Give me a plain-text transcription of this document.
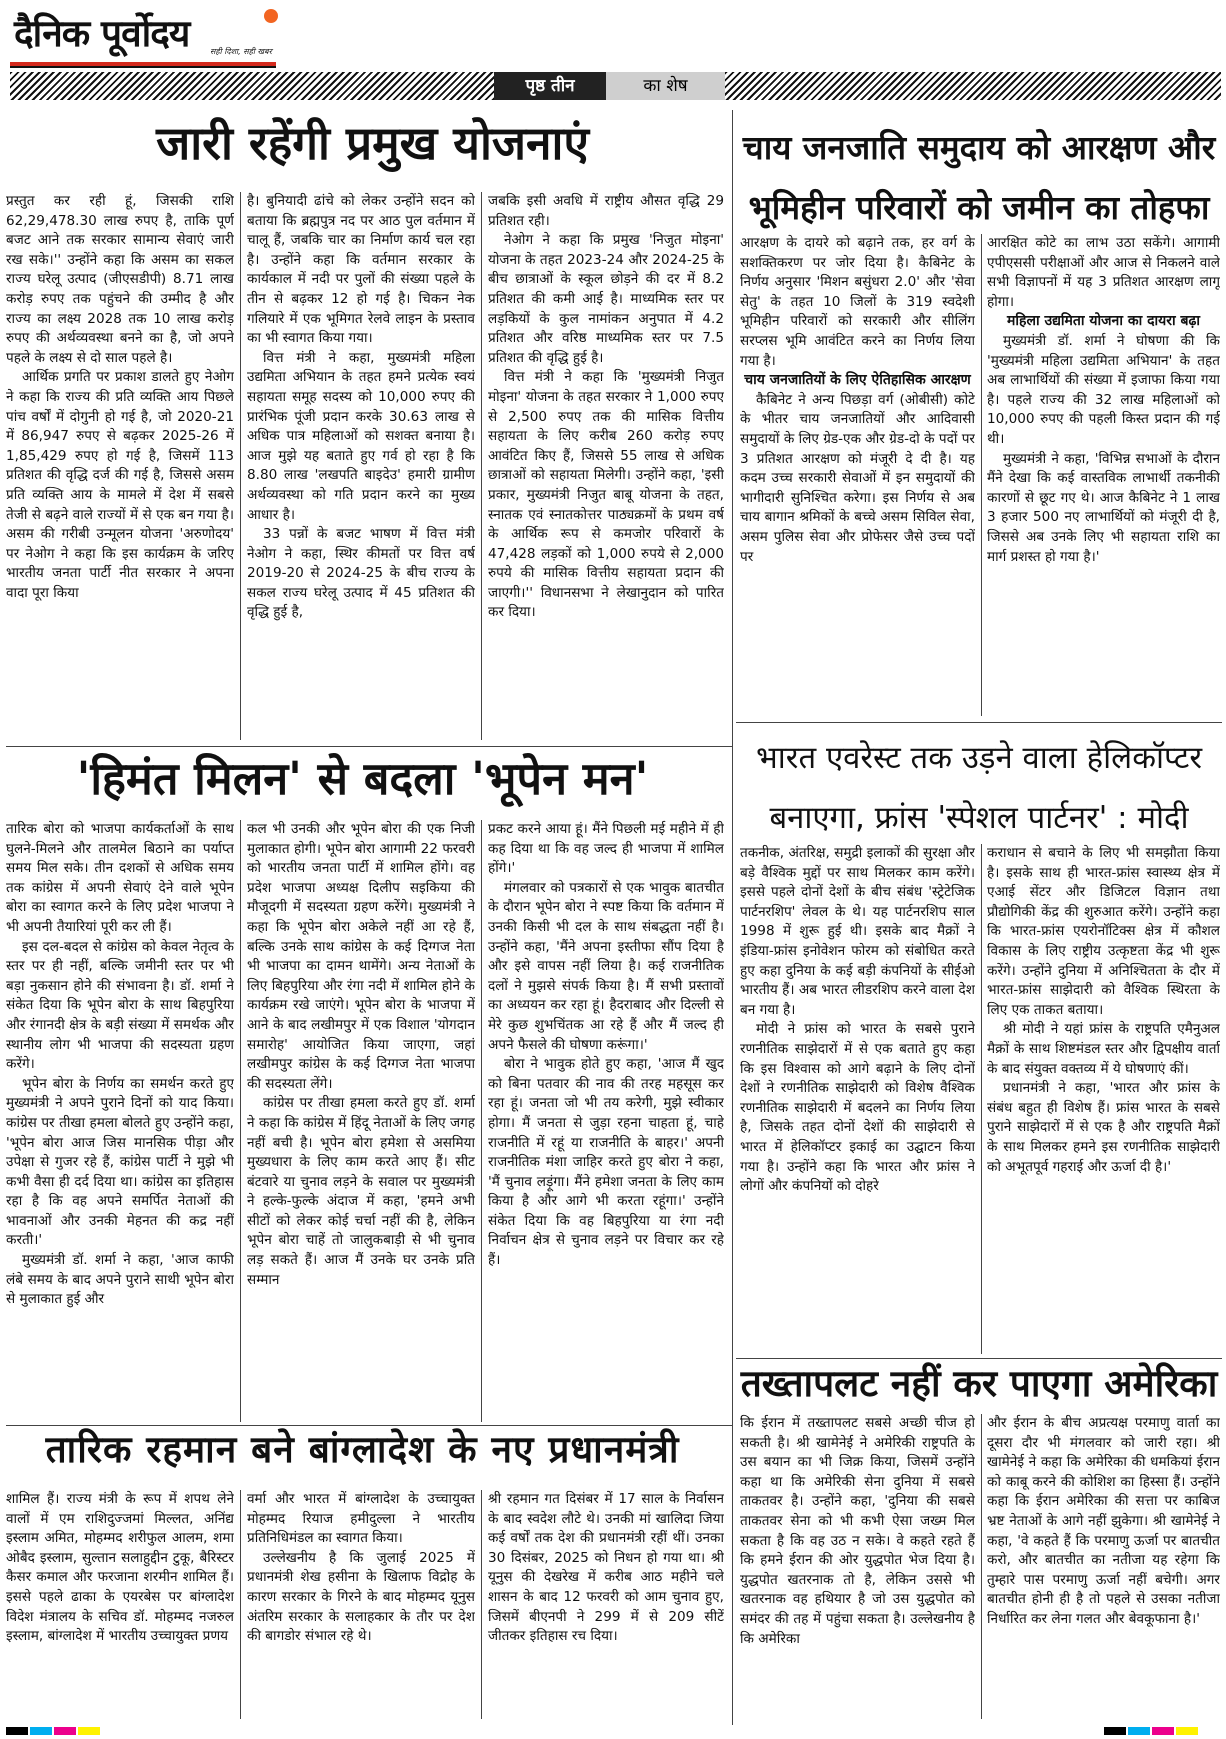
दैनिक पूर्वोदय	सही दिशा, सही खबर
पृष्ठ तीन	का शेष
जारी रहेंगी प्रमुख योजनाएं

प्रस्तुत कर रही हूं, जिसकी राशि 62,29,478.30 लाख रुपए है, ताकि पूर्ण बजट आने तक सरकार सामान्य सेवाएं जारी रख सके।'' उन्होंने कहा कि असम का सकल राज्य घरेलू उत्पाद (जीएसडीपी) 8.71 लाख करोड़ रुपए तक पहुंचने की उम्मीद है और राज्य का लक्ष्य 2028 तक 10 लाख करोड़ रुपए की अर्थव्यवस्था बनने का है, जो अपने पहले के लक्ष्य से दो साल पहले है।

आर्थिक प्रगति पर प्रकाश डालते हुए नेओग ने कहा कि राज्य की प्रति व्यक्ति आय पिछले पांच वर्षों में दोगुनी हो गई है, जो 2020-21 में 86,947 रुपए से बढ़कर 2025-26 में 1,85,429 रुपए हो गई है, जिसमें 113 प्रतिशत की वृद्धि दर्ज की गई है, जिससे असम प्रति व्यक्ति आय के मामले में देश में सबसे तेजी से बढ़ने वाले राज्यों में से एक बन गया है। असम की गरीबी उन्मूलन योजना 'अरुणोदय' पर नेओग ने कहा कि इस कार्यक्रम के जरिए भारतीय जनता पार्टी नीत सरकार ने अपना वादा पूरा किया

है। बुनियादी ढांचे को लेकर उन्होंने सदन को बताया कि ब्रह्मपुत्र नद पर आठ पुल वर्तमान में चालू हैं, जबकि चार का निर्माण कार्य चल रहा है। उन्होंने कहा कि वर्तमान सरकार के कार्यकाल में नदी पर पुलों की संख्या पहले के तीन से बढ़कर 12 हो गई है। चिकन नेक गलियारे में एक भूमिगत रेलवे लाइन के प्रस्ताव का भी स्वागत किया गया।

वित्त मंत्री ने कहा, मुख्यमंत्री महिला उद्यमिता अभियान के तहत हमने प्रत्येक स्वयं सहायता समूह सदस्य को 10,000 रुपए की प्रारंभिक पूंजी प्रदान करके 30.63 लाख से अधिक पात्र महिलाओं को सशक्त बनाया है। आज मुझे यह बताते हुए गर्व हो रहा है कि 8.80 लाख 'लखपति बाइदेउ' हमारी ग्रामीण अर्थव्यवस्था को गति प्रदान करने का मुख्य आधार है।

33 पन्नों के बजट भाषण में वित्त मंत्री नेओग ने कहा, स्थिर कीमतों पर वित्त वर्ष 2019-20 से 2024-25 के बीच राज्य के सकल राज्य घरेलू उत्पाद में 45 प्रतिशत की वृद्धि हुई है,

जबकि इसी अवधि में राष्ट्रीय औसत वृद्धि 29 प्रतिशत रही।

नेओग ने कहा कि प्रमुख 'निजुत मोइना' योजना के तहत 2023-24 और 2024-25 के बीच छात्राओं के स्कूल छोड़ने की दर में 8.2 प्रतिशत की कमी आई है। माध्यमिक स्तर पर लड़कियों के कुल नामांकन अनुपात में 4.2 प्रतिशत और वरिष्ठ माध्यमिक स्तर पर 7.5 प्रतिशत की वृद्धि हुई है।

वित्त मंत्री ने कहा कि 'मुख्यमंत्री निजुत मोइना' योजना के तहत सरकार ने 1,000 रुपए से 2,500 रुपए तक की मासिक वित्तीय सहायता के लिए करीब 260 करोड़ रुपए आवंटित किए हैं, जिससे 55 लाख से अधिक छात्राओं को सहायता मिलेगी। उन्होंने कहा, 'इसी प्रकार, मुख्यमंत्री निजुत बाबू योजना के तहत, स्नातक एवं स्नातकोत्तर पाठ्यक्रमों के प्रथम वर्ष के आर्थिक रूप से कमजोर परिवारों के 47,428 लड़कों को 1,000 रुपये से 2,000 रुपये की मासिक वित्तीय सहायता प्रदान की जाएगी।'' विधानसभा ने लेखानुदान को पारित कर दिया।

चाय जनजाति समुदाय को आरक्षण और भूमिहीन परिवारों को जमीन का तोहफा

आरक्षण के दायरे को बढ़ाने तक, हर वर्ग के सशक्तिकरण पर जोर दिया है। कैबिनेट के निर्णय अनुसार 'मिशन बसुंधरा 2.0' और 'सेवा सेतु' के तहत 10 जिलों के 319 स्वदेशी भूमिहीन परिवारों को सरकारी और सीलिंग सरप्लस भूमि आवंटित करने का निर्णय लिया गया है।

चाय जनजातियों के लिए ऐतिहासिक आरक्षण

कैबिनेट ने अन्य पिछड़ा वर्ग (ओबीसी) कोटे के भीतर चाय जनजातियों और आदिवासी समुदायों के लिए ग्रेड-एक और ग्रेड-दो के पदों पर 3 प्रतिशत आरक्षण को मंजूरी दे दी है। यह कदम उच्च सरकारी सेवाओं में इन समुदायों की भागीदारी सुनिश्चित करेगा। इस निर्णय से अब चाय बागान श्रमिकों के बच्चे असम सिविल सेवा, असम पुलिस सेवा और प्रोफेसर जैसे उच्च पदों पर

आरक्षित कोटे का लाभ उठा सकेंगे। आगामी एपीएससी परीक्षाओं और आज से निकलने वाले सभी विज्ञापनों में यह 3 प्रतिशत आरक्षण लागू होगा।

महिला उद्यमिता योजना का दायरा बढ़ा

मुख्यमंत्री डॉ. शर्मा ने घोषणा की कि 'मुख्यमंत्री महिला उद्यमिता अभियान' के तहत अब लाभार्थियों की संख्या में इजाफा किया गया है। पहले राज्य की 32 लाख महिलाओं को 10,000 रुपए की पहली किस्त प्रदान की गई थी।

मुख्यमंत्री ने कहा, 'विभिन्न सभाओं के दौरान मैंने देखा कि कई वास्तविक लाभार्थी तकनीकी कारणों से छूट गए थे। आज कैबिनेट ने 1 लाख 3 हजार 500 नए लाभार्थियों को मंजूरी दी है, जिससे अब उनके लिए भी सहायता राशि का मार्ग प्रशस्त हो गया है।'

'हिमंत मिलन' से बदला 'भूपेन मन'

तारिक बोरा को भाजपा कार्यकर्ताओं के साथ घुलने-मिलने और तालमेल बिठाने का पर्याप्त समय मिल सके। तीन दशकों से अधिक समय तक कांग्रेस में अपनी सेवाएं देने वाले भूपेन बोरा का स्वागत करने के लिए प्रदेश भाजपा ने भी अपनी तैयारियां पूरी कर ली हैं।

इस दल-बदल से कांग्रेस को केवल नेतृत्व के स्तर पर ही नहीं, बल्कि जमीनी स्तर पर भी बड़ा नुकसान होने की संभावना है। डॉ. शर्मा ने संकेत दिया कि भूपेन बोरा के साथ बिहपुरिया और रंगानदी क्षेत्र के बड़ी संख्या में समर्थक और स्थानीय लोग भी भाजपा की सदस्यता ग्रहण करेंगे।

भूपेन बोरा के निर्णय का समर्थन करते हुए मुख्यमंत्री ने अपने पुराने दिनों को याद किया। कांग्रेस पर तीखा हमला बोलते हुए उन्होंने कहा, 'भूपेन बोरा आज जिस मानसिक पीड़ा और उपेक्षा से गुजर रहे हैं, कांग्रेस पार्टी ने मुझे भी कभी वैसा ही दर्द दिया था। कांग्रेस का इतिहास रहा है कि वह अपने समर्पित नेताओं की भावनाओं और उनकी मेहनत की कद्र नहीं करती।'

मुख्यमंत्री डॉ. शर्मा ने कहा, 'आज काफी लंबे समय के बाद अपने पुराने साथी भूपेन बोरा से मुलाकात हुई और

कल भी उनकी और भूपेन बोरा की एक निजी मुलाकात होगी। भूपेन बोरा आगामी 22 फरवरी को भारतीय जनता पार्टी में शामिल होंगे। वह प्रदेश भाजपा अध्यक्ष दिलीप सइकिया की मौजूदगी में सदस्यता ग्रहण करेंगे। मुख्यमंत्री ने कहा कि भूपेन बोरा अकेले नहीं आ रहे हैं, बल्कि उनके साथ कांग्रेस के कई दिग्गज नेता भी भाजपा का दामन थामेंगे। अन्य नेताओं के लिए बिहपुरिया और रंगा नदी में शामिल होने के कार्यक्रम रखे जाएंगे। भूपेन बोरा के भाजपा में आने के बाद लखीमपुर में एक विशाल 'योगदान समारोह' आयोजित किया जाएगा, जहां लखीमपुर कांग्रेस के कई दिग्गज नेता भाजपा की सदस्यता लेंगे।

कांग्रेस पर तीखा हमला करते हुए डॉ. शर्मा ने कहा कि कांग्रेस में हिंदू नेताओं के लिए जगह नहीं बची है। भूपेन बोरा हमेशा से असमिया मुख्यधारा के लिए काम करते आए हैं। सीट बंटवारे या चुनाव लड़ने के सवाल पर मुख्यमंत्री ने हल्के-फुल्के अंदाज में कहा, 'हमने अभी सीटों को लेकर कोई चर्चा नहीं की है, लेकिन भूपेन बोरा चाहें तो जालुकबाड़ी से भी चुनाव लड़ सकते हैं। आज मैं उनके घर उनके प्रति सम्मान

प्रकट करने आया हूं। मैंने पिछली मई महीने में ही कह दिया था कि वह जल्द ही भाजपा में शामिल होंगे।'

मंगलवार को पत्रकारों से एक भावुक बातचीत के दौरान भूपेन बोरा ने स्पष्ट किया कि वर्तमान में उनकी किसी भी दल के साथ संबद्धता नहीं है। उन्होंने कहा, 'मैंने अपना इस्तीफा सौंप दिया है और इसे वापस नहीं लिया है। कई राजनीतिक दलों ने मुझसे संपर्क किया है। मैं सभी प्रस्तावों का अध्ययन कर रहा हूं। हैदराबाद और दिल्ली से मेरे कुछ शुभचिंतक आ रहे हैं और मैं जल्द ही अपने फैसले की घोषणा करूंगा।'

बोरा ने भावुक होते हुए कहा, 'आज मैं खुद को बिना पतवार की नाव की तरह महसूस कर रहा हूं। जनता जो भी तय करेगी, मुझे स्वीकार होगा। मैं जनता से जुड़ा रहना चाहता हूं, चाहे राजनीति में रहूं या राजनीति के बाहर।' अपनी राजनीतिक मंशा जाहिर करते हुए बोरा ने कहा, 'मैं चुनाव लड़ूंगा। मैंने हमेशा जनता के लिए काम किया है और आगे भी करता रहूंगा।' उन्होंने संकेत दिया कि वह बिहपुरिया या रंगा नदी निर्वाचन क्षेत्र से चुनाव लड़ने पर विचार कर रहे हैं।

भारत एवरेस्ट तक उड़ने वाला हेलिकॉप्टर बनाएगा, फ्रांस 'स्पेशल पार्टनर' : मोदी

तकनीक, अंतरिक्ष, समुद्री इलाकों की सुरक्षा और बड़े वैश्विक मुद्दों पर साथ मिलकर काम करेंगे। इससे पहले दोनों देशों के बीच संबंध 'स्ट्रेटेजिक पार्टनरशिप' लेवल के थे। यह पार्टनरशिप साल 1998 में शुरू हुई थी। इसके बाद मैक्रों ने इंडिया-फ्रांस इनोवेशन फोरम को संबोधित करते हुए कहा दुनिया के कई बड़ी कंपनियों के सीईओ भारतीय हैं। अब भारत लीडरशिप करने वाला देश बन गया है।

मोदी ने फ्रांस को भारत के सबसे पुराने रणनीतिक साझेदारों में से एक बताते हुए कहा कि इस विश्वास को आगे बढ़ाने के लिए दोनों देशों ने रणनीतिक साझेदारी को विशेष वैश्विक रणनीतिक साझेदारी में बदलने का निर्णय लिया है, जिसके तहत दोनों देशों की साझेदारी से भारत में हेलिकॉप्टर इकाई का उद्घाटन किया गया है। उन्होंने कहा कि भारत और फ्रांस ने लोगों और कंपनियों को दोहरे

कराधान से बचाने के लिए भी समझौता किया है। इसके साथ ही भारत-फ्रांस स्वास्थ्य क्षेत्र में एआई सेंटर और डिजिटल विज्ञान तथा प्रौद्योगिकी केंद्र की शुरुआत करेंगे। उन्होंने कहा कि भारत-फ्रांस एयरोनॉटिक्स क्षेत्र में कौशल विकास के लिए राष्ट्रीय उत्कृष्टता केंद्र भी शुरू करेंगे। उन्होंने दुनिया में अनिश्चितता के दौर में भारत-फ्रांस साझेदारी को वैश्विक स्थिरता के लिए एक ताकत बताया।

श्री मोदी ने यहां फ्रांस के राष्ट्रपति एमैनुअल मैक्रों के साथ शिष्टमंडल स्तर और द्विपक्षीय वार्ता के बाद संयुक्त वक्तव्य में ये घोषणाएं कीं।

प्रधानमंत्री ने कहा, 'भारत और फ्रांस के संबंध बहुत ही विशेष हैं। फ्रांस भारत के सबसे पुराने साझेदारों में से एक है और राष्ट्रपति मैक्रों के साथ मिलकर हमने इस रणनीतिक साझेदारी को अभूतपूर्व गहराई और ऊर्जा दी है।'

तख्तापलट नहीं कर पाएगा अमेरिका

कि ईरान में तख्तापलट सबसे अच्छी चीज हो सकती है। श्री खामेनेई ने अमेरिकी राष्ट्रपति के उस बयान का भी जिक्र किया, जिसमें उन्होंने कहा था कि अमेरिकी सेना दुनिया में सबसे ताकतवर है। उन्होंने कहा, 'दुनिया की सबसे ताकतवर सेना को भी कभी ऐसा जख्म मिल सकता है कि वह उठ न सके। वे कहते रहते हैं कि हमने ईरान की ओर युद्धपोत भेज दिया है। युद्धपोत खतरनाक तो है, लेकिन उससे भी खतरनाक वह हथियार है जो उस युद्धपोत को समंदर की तह में पहुंचा सकता है। उल्लेखनीय है कि अमेरिका

और ईरान के बीच अप्रत्यक्ष परमाणु वार्ता का दूसरा दौर भी मंगलवार को जारी रहा। श्री खामेनेई ने कहा कि अमेरिका की धमकियां ईरान को काबू करने की कोशिश का हिस्सा हैं। उन्होंने कहा कि ईरान अमेरिका की सत्ता पर काबिज भ्रष्ट नेताओं के आगे नहीं झुकेगा। श्री खामेनेई ने कहा, 'वे कहते हैं कि परमाणु ऊर्जा पर बातचीत करो, और बातचीत का नतीजा यह रहेगा कि तुम्हारे पास परमाणु ऊर्जा नहीं बचेगी। अगर बातचीत होनी ही है तो पहले से उसका नतीजा निर्धारित कर लेना गलत और बेवकूफाना है।'

तारिक रहमान बने बांग्लादेश के नए प्रधानमंत्री

शामिल हैं। राज्य मंत्री के रूप में शपथ लेने वालों में एम राशिदुज्जमां मिल्लत, अनिंद्य इस्लाम अमित, मोहम्मद शरीफुल आलम, शमा ओबैद इस्लाम, सुल्तान सलाहुद्दीन टुकू, बैरिस्टर कैसर कमाल और फरजाना शरमीन शामिल हैं। इससे पहले ढाका के एयरबेस पर बांग्लादेश विदेश मंत्रालय के सचिव डॉ. मोहम्मद नजरुल इस्लाम, बांग्लादेश में भारतीय उच्चायुक्त प्रणय

वर्मा और भारत में बांग्लादेश के उच्चायुक्त मोहम्मद रियाज हमीदुल्ला ने भारतीय प्रतिनिधिमंडल का स्वागत किया।

उल्लेखनीय है कि जुलाई 2025 में प्रधानमंत्री शेख हसीना के खिलाफ विद्रोह के कारण सरकार के गिरने के बाद मोहम्मद यूनुस अंतरिम सरकार के सलाहकार के तौर पर देश की बागडोर संभाल रहे थे।

श्री रहमान गत दिसंबर में 17 साल के निर्वासन के बाद स्वदेश लौटे थे। उनकी मां खालिदा जिया कई वर्षों तक देश की प्रधानमंत्री रहीं थीं। उनका 30 दिसंबर, 2025 को निधन हो गया था। श्री यूनुस की देखरेख में करीब आठ महीने चले शासन के बाद 12 फरवरी को आम चुनाव हुए, जिसमें बीएनपी ने 299 में से 209 सीटें जीतकर इतिहास रच दिया।
